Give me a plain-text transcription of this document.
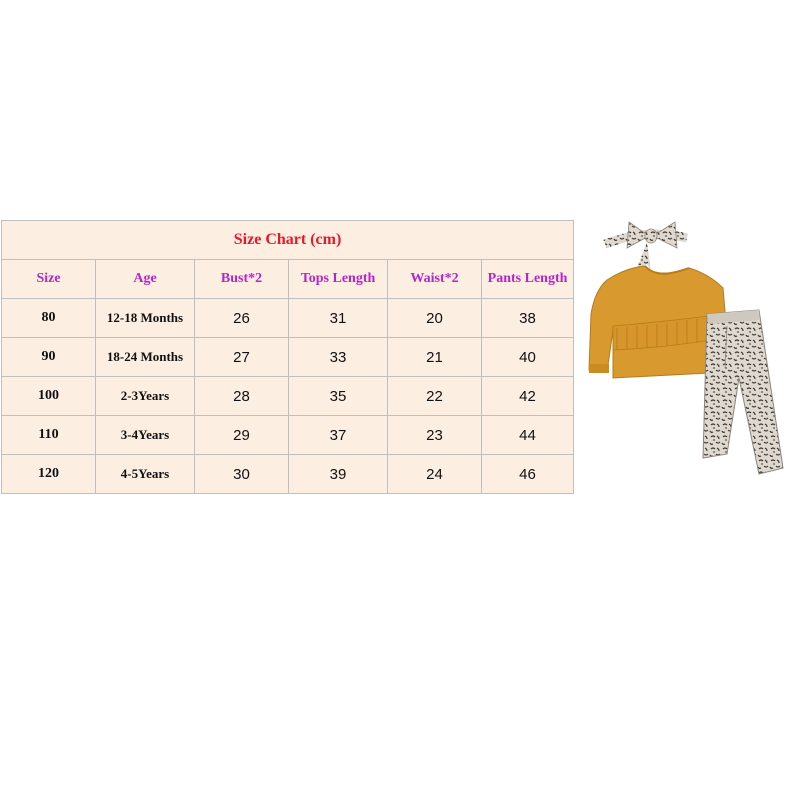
Size Chart (cm)					
Size	Age	Bust*2	Tops Length	Waist*2	Pants Length
80	12-18 Months	26	31	20	38
90	18-24 Months	27	33	21	40
100	2-3Years	28	35	22	42
110	3-4Years	29	37	23	44
120	4-5Years	30	39	24	46
